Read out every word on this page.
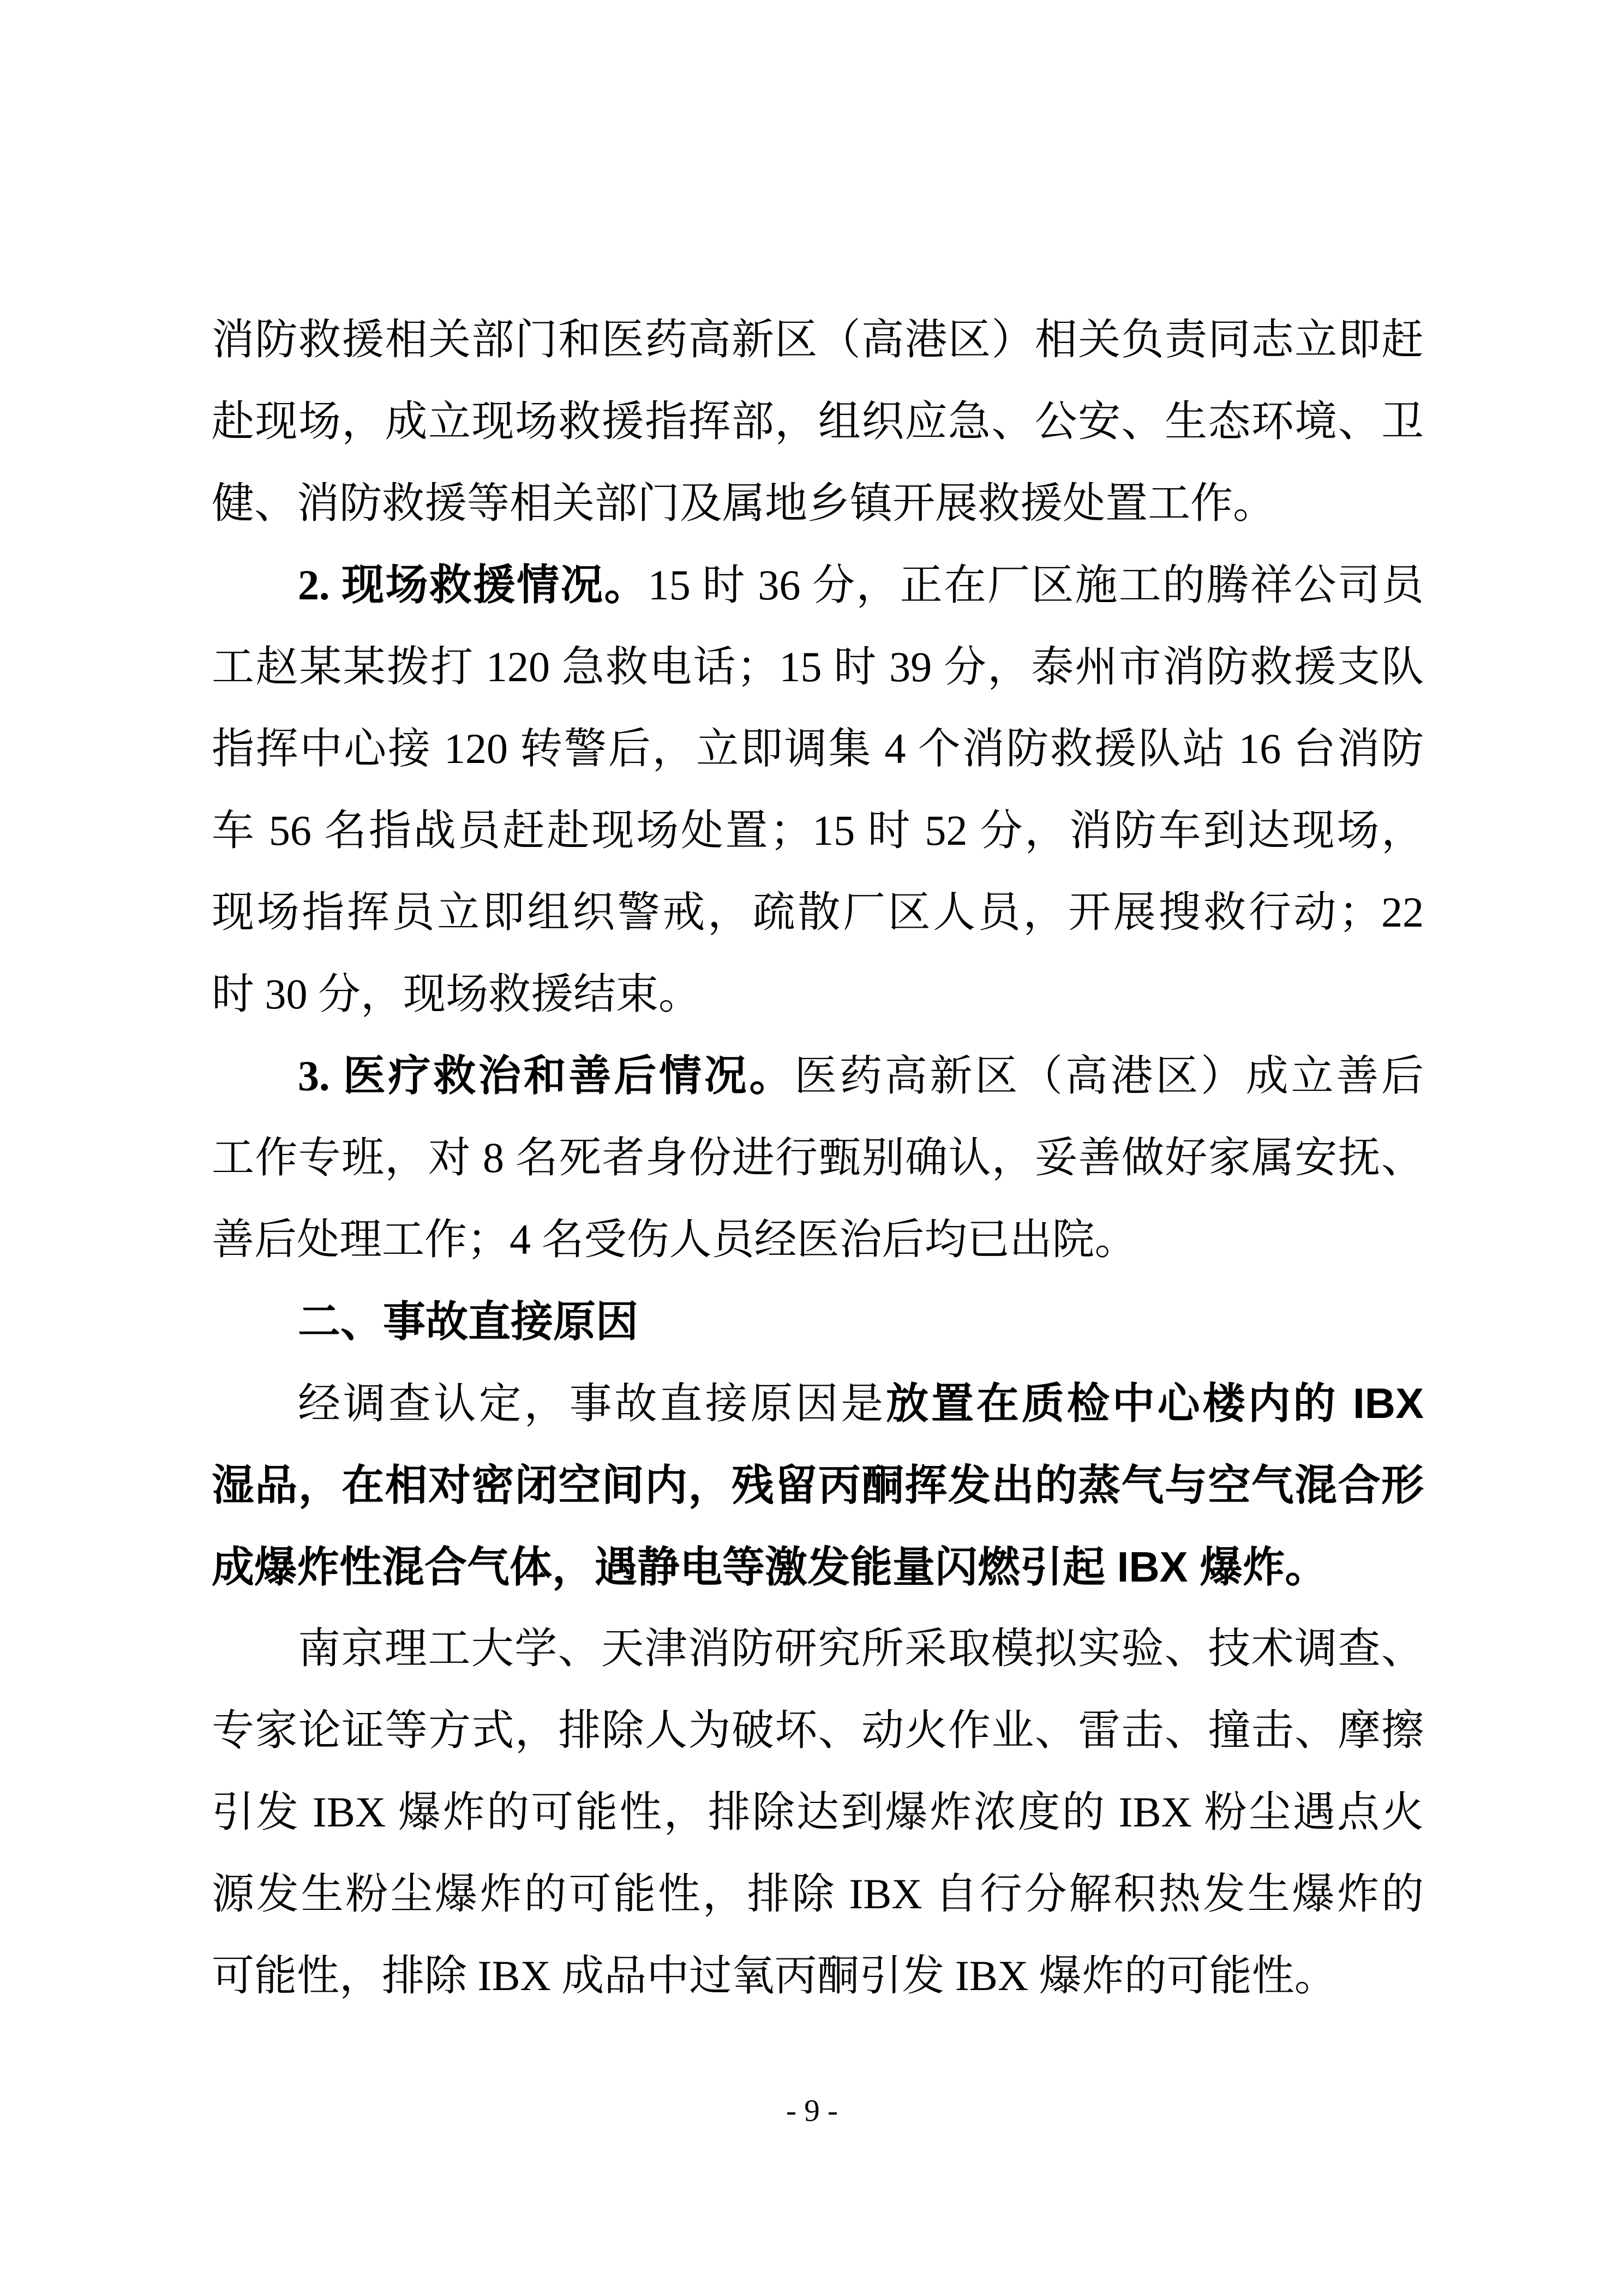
消防救援相关部门和医药高新区（高港区）相关负责同志立即赶
赴现场，成立现场救援指挥部，组织应急、公安、生态环境、卫
健、消防救援等相关部门及属地乡镇开展救援处置工作。
2. 现场救援情况。15 时 36 分，正在厂区施工的腾祥公司员
工赵某某拨打 120 急救电话；15 时 39 分，泰州市消防救援支队
指挥中心接 120 转警后，立即调集 4 个消防救援队站 16 台消防
车 56 名指战员赶赴现场处置；15 时 52 分，消防车到达现场，
现场指挥员立即组织警戒，疏散厂区人员，开展搜救行动；22
时 30 分，现场救援结束。
3. 医疗救治和善后情况。医药高新区（高港区）成立善后
工作专班，对 8 名死者身份进行甄别确认，妥善做好家属安抚、
善后处理工作；4 名受伤人员经医治后均已出院。
二、事故直接原因
经调查认定，事故直接原因是放置在质检中心楼内的 IBX
湿品，在相对密闭空间内，残留丙酮挥发出的蒸气与空气混合形
成爆炸性混合气体，遇静电等激发能量闪燃引起 IBX 爆炸。
南京理工大学、天津消防研究所采取模拟实验、技术调查、
专家论证等方式，排除人为破坏、动火作业、雷击、撞击、摩擦
引发 IBX 爆炸的可能性，排除达到爆炸浓度的 IBX 粉尘遇点火
源发生粉尘爆炸的可能性，排除 IBX 自行分解积热发生爆炸的
可能性，排除 IBX 成品中过氧丙酮引发 IBX 爆炸的可能性。
- 9 -
